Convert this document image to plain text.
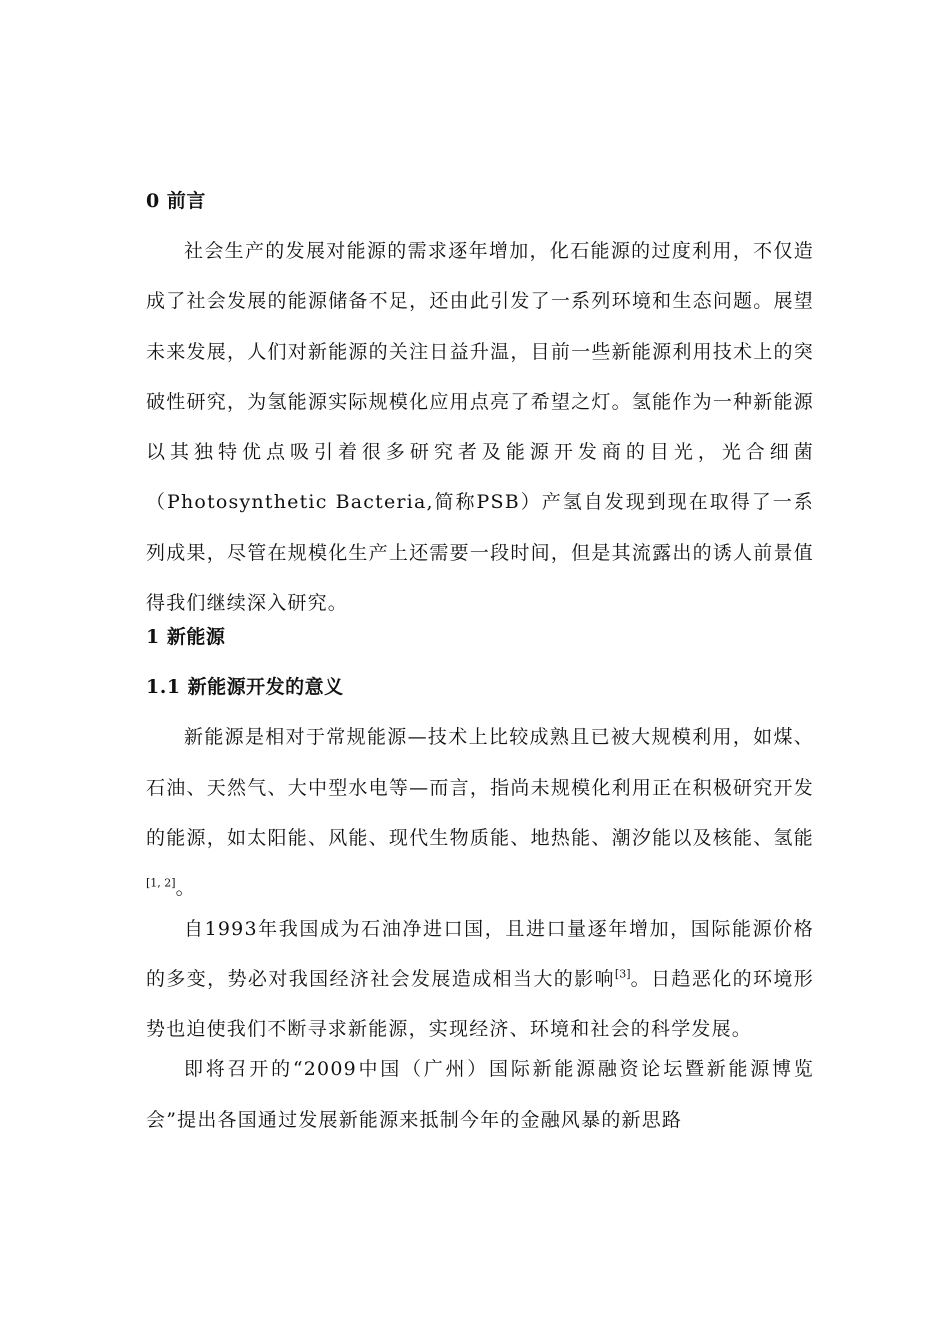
0 前言

社会生产的发展对能源的需求逐年增加，化石能源的过度利用，不仅造成了社会发展的能源储备不足，还由此引发了一系列环境和生态问题。展望未来发展，人们对新能源的关注日益升温，目前一些新能源利用技术上的突破性研究，为氢能源实际规模化应用点亮了希望之灯。氢能作为一种新能源以其独特优点吸引着很多研究者及能源开发商的目光，光合细菌（Photosynthetic Bacteria,简称PSB）产氢自发现到现在取得了一系列成果，尽管在规模化生产上还需要一段时间，但是其流露出的诱人前景值得我们继续深入研究。

1 新能源

1.1 新能源开发的意义

新能源是相对于常规能源—技术上比较成熟且已被大规模利用，如煤、石油、天然气、大中型水电等—而言，指尚未规模化利用正在积极研究开发的能源，如太阳能、风能、现代生物质能、地热能、潮汐能以及核能、氢能[1, 2]。

自1993年我国成为石油净进口国，且进口量逐年增加，国际能源价格的多变，势必对我国经济社会发展造成相当大的影响[3]。日趋恶化的环境形势也迫使我们不断寻求新能源，实现经济、环境和社会的科学发展。

即将召开的“2009中国（广州）国际新能源融资论坛暨新能源博览会”提出各国通过发展新能源来抵制今年的金融风暴的新思路
